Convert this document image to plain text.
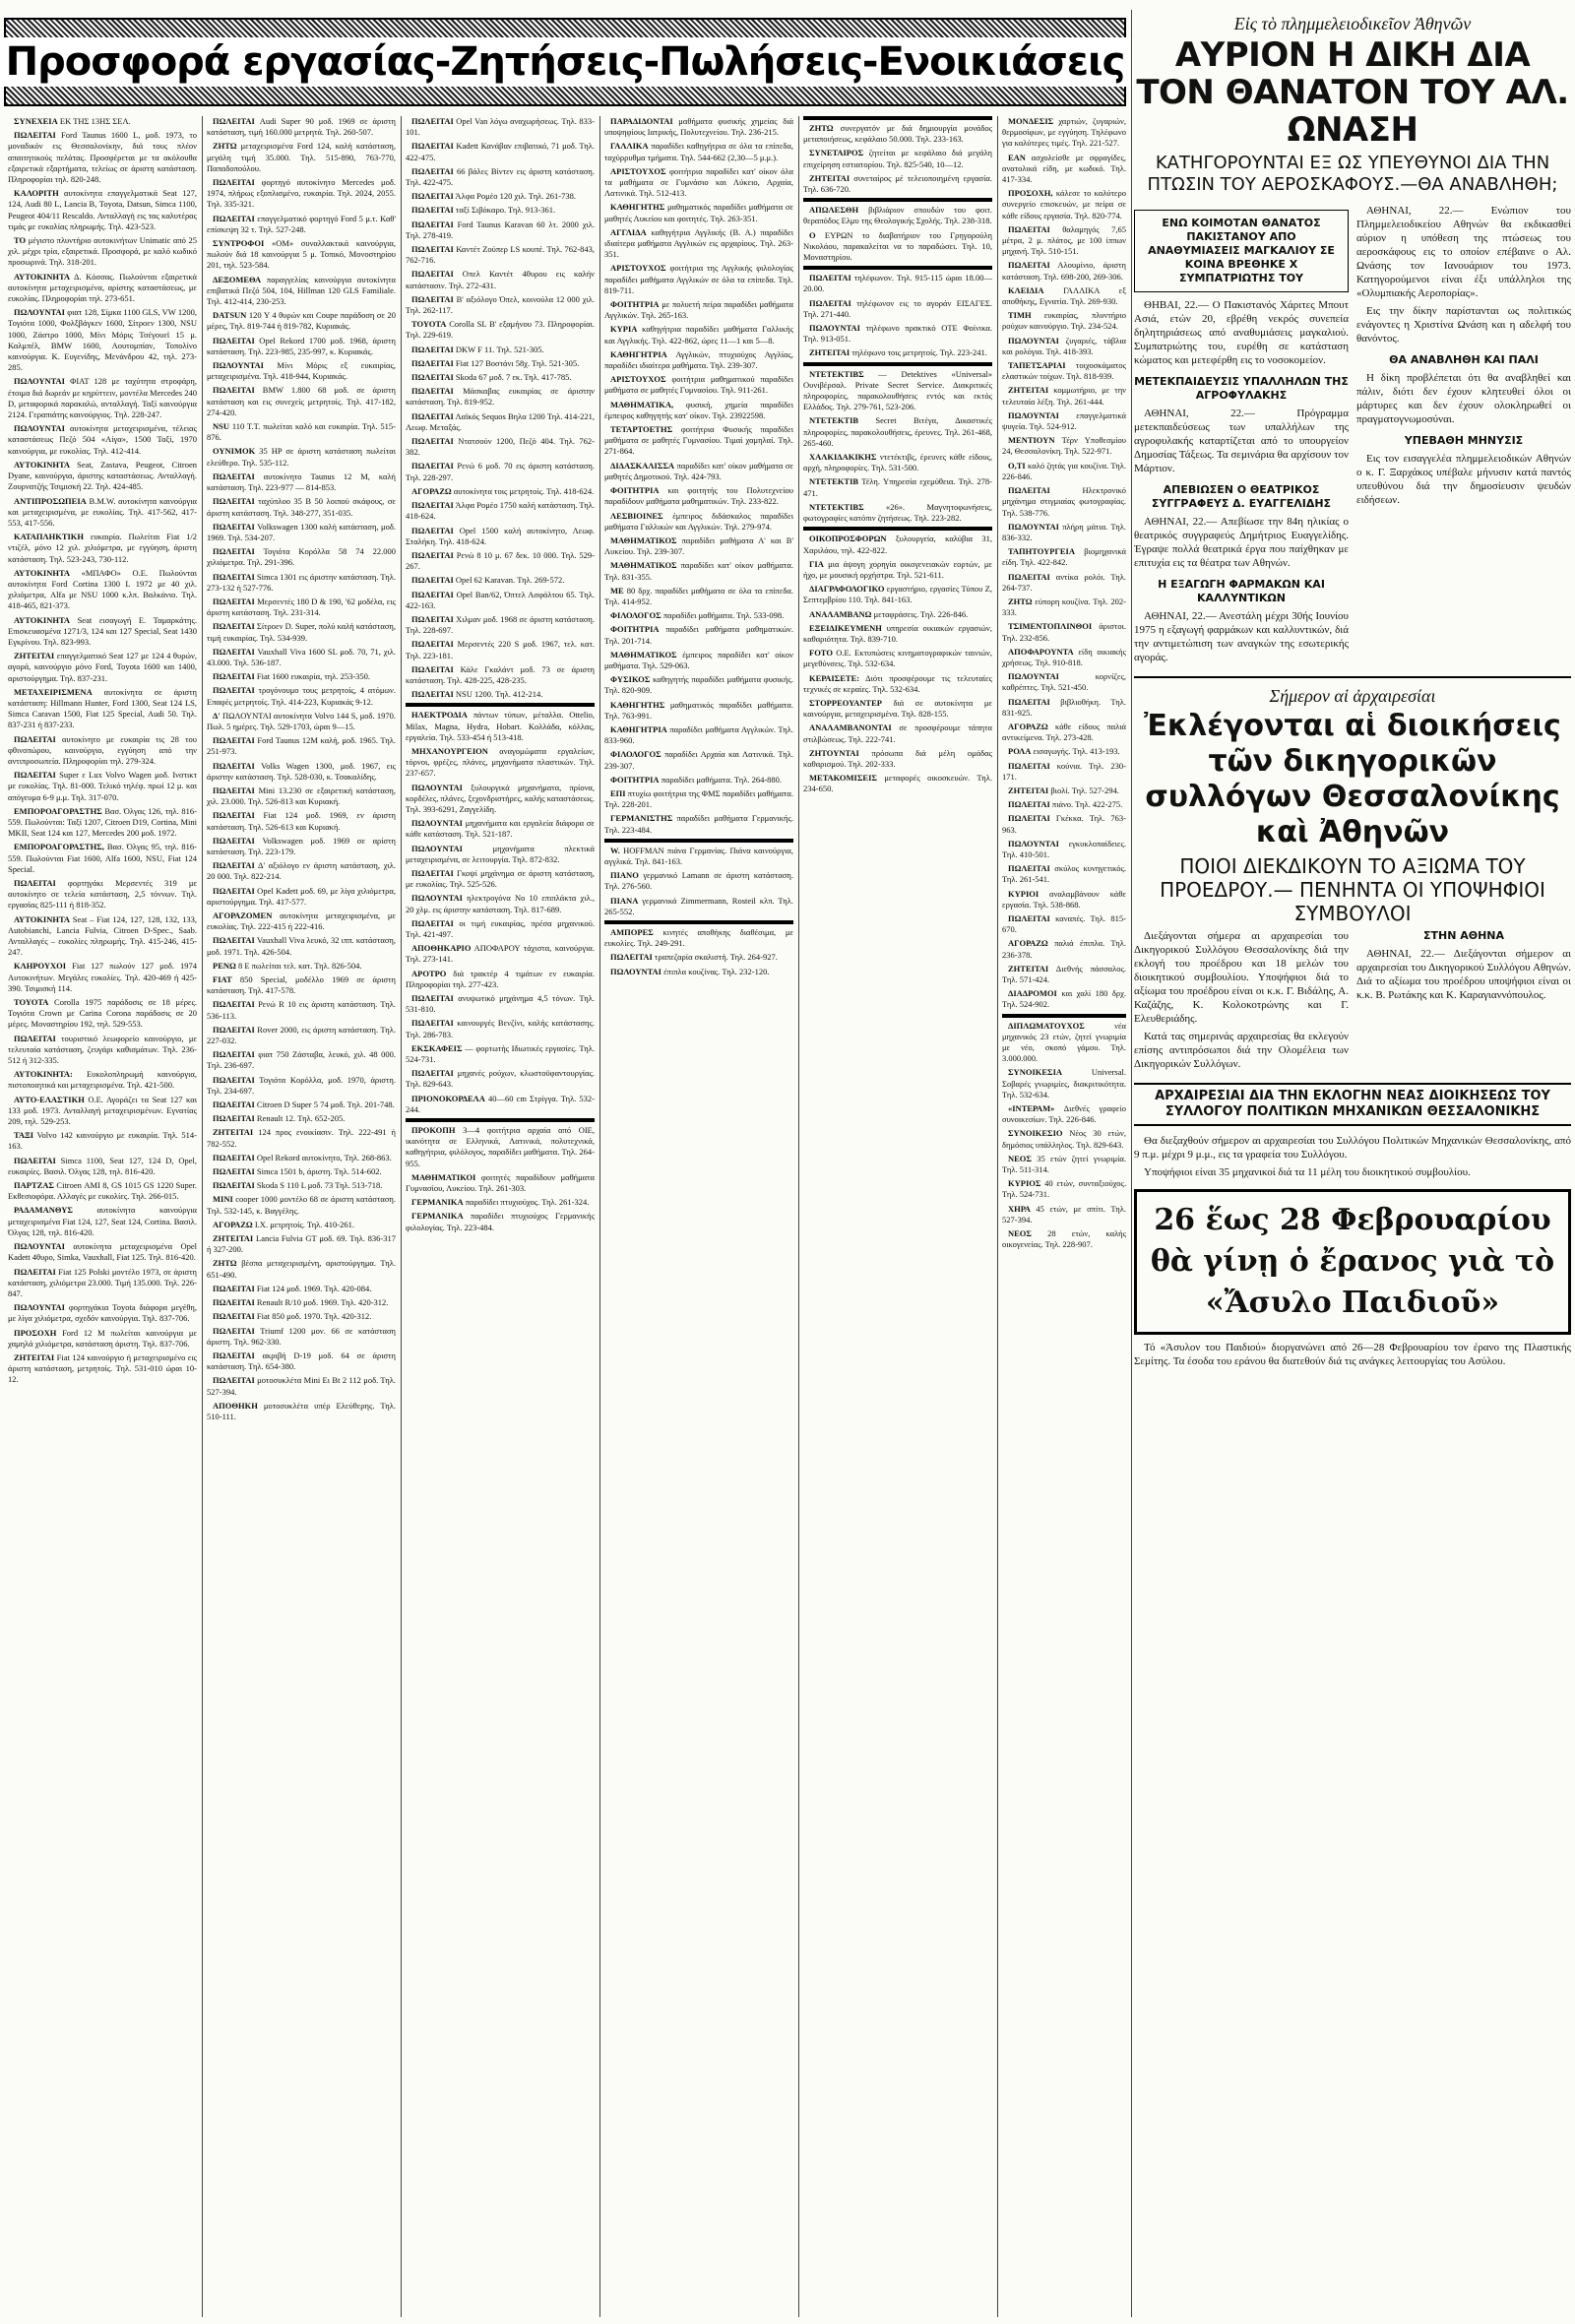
Προσφορά εργασίας-Ζητήσεις-Πωλήσεις-Ενοικιάσεις

ΣΥΝΕΧΕΙΑ ΕΚ ΤΗΣ 13ΗΣ ΣΕΛ.

ΠΩΛΕΙΤΑΙ Ford Taunus 1600 L, μοδ. 1973, το μοναδικόν εις Θεσσαλονίκην, διά τους πλέον απαιτητικούς πελάτας. Προσφέρεται με τα ακόλουθα εξαιρετικά εξαρτήματα, τελείως σε άριστη κατάσταση. Πληροφορίαι τηλ. 820-248.

ΚΑΛΟΡΙΤΗ αυτοκίνητα επαγγελματικά Seat 127, 124, Audi 80 L, Lancia Β, Toyota, Datsun, Simca 1100, Peugeot 404/11 Rescaldo. Ανταλλαγή εις τας καλυτέρας τιμάς με ευκολίας πληρωμής. Τηλ. 423-523.

ΤΟ μέγιστο πλυντήριο αυτοκινήτων Unimatic από 25 χιλ. μέχρι τρία, εξαιρετικά. Προσφορά, με καλό κωδικό προσωρινά. Τηλ. 318-201.

ΑΥΤΟΚΙΝΗΤΑ Δ. Κόσσας. Πωλούνται εξαιρετικά αυτοκίνητα μεταχειρισμένα, αρίστης καταστάσεως, με ευκολίας. Πληροφορίαι τηλ. 273-651.

ΠΩΛΟΥΝΤΑΙ φιατ 128, Σίμκα 1100 GLS, VW 1200, Τογιότα 1000, Φολξβάγκεν 1600, Σίτροεν 1300, NSU 1000, Ζάστρο 1000, Μίνι Μόρις Τσέγουεϊ 15 μ. Καλμπέλ, BMW 1600, Αουτομπίαν, Τοπολίνο καινούργια. Κ. Ευγενίδης, Μενάνδρου 42, τηλ. 273-285.

ΠΩΛΟΥΝΤΑΙ ΦΙΑΤ 128 με ταχύτητα στροφάρη, έτοιμα διά δωρεάν με κηρύττειν, μοντέλα Mercedes 240 D, μεταφορικά παρακαλώ, ανταλλαγή. Ταξί καινούργια 2124. Γεραπιάτης καινούργιος. Τηλ. 228-247.

ΠΩΛΟΥΝΤΑΙ αυτοκίνητα μεταχειρισμένα, τέλειας καταστάσεως Πεζό 504 «Αίγα», 1500 Ταξί, 1970 καινούργια, με ευκολίας. Τηλ. 412-414.

ΑΥΤΟΚΙΝΗΤΑ Seat, Zastava, Peugeot, Citroen Dyane, καινούργια, άριστης καταστάσεως. Ανταλλαγή. Ζουρνατζής Τσιμισκή 22. Τηλ. 424-485.

ΑΝΤΙΠΡΟΣΩΠΕΙΑ B.M.W. αυτοκίνητα καινούργια και μεταχειρισμένα, με ευκολίας. Τηλ. 417-562, 417-553, 417-556.

ΚΑΤΑΠΛΗΚΤΙΚΗ ευκαιρία. Πωλείται Fiat 1/2 ντιζέλ, μόνο 12 χιλ. χιλιόμετρα, με εγγύηση, άριστη κατάσταση. Τηλ. 523-243, 730-112.

ΑΥΤΟΚΙΝΗΤΑ «ΜΠΑΦΟ» Ο.Ε. Πωλούνται αυτοκίνητα Ford Cortina 1300 L 1972 με 40 χιλ. χιλιόμετρα, Alfa με NSU 1000 κ.λπ. Βαλκάνιο. Τηλ. 418-465, 821-373.

ΑΥΤΟΚΙΝΗΤΑ Seat εισαγωγή Ε. Ταμαρκάτης. Επισκευασμένα 1271/3, 124 και 127 Special, Seat 1430 Εγκρίνου. Τηλ. 823-993.

ΖΗΤΕΙΤΑΙ επαγγελματικό Seat 127 με 124 4 θυρών, αγορά, καινούργιο μόνο Ford, Toyota 1600 και 1400, αριστούργημα. Τηλ. 837-231.

ΜΕΤΑΧΕΙΡΙΣΜΕΝΑ αυτοκίνητα σε άριστη κατάσταση: Hillmann Hunter, Ford 1300, Seat 124 LS, Simca Caravan 1500, Fiat 125 Special, Audi 50. Τηλ. 837-231 ή 837-233.

ΠΩΛΕΙΤΑΙ αυτοκίνητο με ευκαιρία τις 28 του φθινοπώρου, καινούργιο, εγγύηση από την αντιπροσωπεία. Πληροφορίαι τηλ. 279-324.

ΠΩΛΕΙΤΑΙ Super ε Lux Volvo Wagen μοδ. Ινστικτ με ευκολίας. Τηλ. 81-000. Τελικό τηλέφ. πρωί 12 μ. και απόγευμα 6-9 μ.μ. Τηλ. 317-070.

ΕΜΠΟΡΟΑΓΟΡΑΣΤΗΣ Βασ. Όλγας 126, τηλ. 816-559. Πωλούνται: Ταξί 1207, Citroen D19, Cortina, Mini ΜΚΙΙ, Seat 124 και 127, Mercedes 200 μοδ. 1972.

ΕΜΠΟΡΟΑΓΟΡΑΣΤΗΣ, Βασ. Όλγας 95, τηλ. 816-559. Πωλούνται Fiat 1600, Alfa 1600, NSU, Fiat 124 Special.

ΠΩΛΕΙΤΑΙ φορτηγάκι Μερσεντές 319 με αυτοκίνητο σε τελεία κατάσταση, 2,5 τόννων. Τηλ. εργασίας 825-111 ή 818-352.

ΑΥΤΟΚΙΝΗΤΑ Seat – Fiat 124, 127, 128, 132, 133, Autobianchi, Lancia Fulvia, Citroen D-Spec., Saab. Ανταλλαγές – ευκολίες πληρωμής. Τηλ. 415-246, 415-247.

ΚΛΗΡΟΥΧΟΙ Fiat 127 πωλούν 127 μοδ. 1974 Αυτοκινήτων. Μεγάλες ευκολίες. Τηλ. 420-469 ή 425-390. Τσιμισκή 114.

ΤΟΥΟΤΑ Corolla 1975 παράδοσις σε 18 μέρες. Τογιότα Crown με Carina Corona παράδοσις σε 20 μέρες. Μοναστηρίου 192, τηλ. 529-553.

ΠΩΛΕΙΤΑΙ τουριστικό λεωφορείο καινούργιο, με τελευταία κατάσταση, ζευγάρι καθισμάτων. Τηλ. 236-512 ή 312-335.

ΑΥΤΟΚΙΝΗΤΑ: Ευκολοπληρωμή καινούργια, πιστοποιητικά και μεταχειρισμένα. Τηλ. 421-500.

ΑΥΤΟ-ΕΛΑΣΤΙΚΗ Ο.Ε. Αγοράζει τα Seat 127 και 133 μοδ. 1973. Ανταλλαγή μεταχειρισμένων. Εγνατίας 209, τηλ. 529-253.

ΤΑΞΙ Volvo 142 καινούργιο με ευκαιρία. Τηλ. 514-163.

ΠΩΛΕΙΤΑΙ Simca 1100, Seat 127, 124 D, Opel, ευκαιρίες. Βασιλ. Όλγας 128, τηλ. 816-420.

ΠΑΡΤΖΑΣ Citroen ΑΜΙ 8, GS 1015 GS 1220 Super. Εκθεσιοφόρα. Αλλαγές με ευκολίες. Τηλ. 266-015.

ΡΑΔΑΜΑΝΘΥΣ αυτοκίνητα καινούργια μεταχειρισμένα Fiat 124, 127, Seat 124, Cortina. Βασιλ. Όλγας 128, τηλ. 816-420.

ΠΩΛΟΥΝΤΑΙ αυτοκίνητα μεταχειρισμένα Opel Kadett 4θυρο, Simka, Vauxhall, Fiat 125. Τηλ. 816-420.

ΠΩΛΕΙΤΑΙ Fiat 125 Polski μοντέλο 1973, σε άριστη κατάσταση, χιλιόμετρα 23.000. Τιμή 135.000. Τηλ. 226-847.

ΠΩΛΟΥΝΤΑΙ φορτηγάκια Toyota διάφορα μεγέθη, με λίγα χιλιόμετρα, σχεδόν καινούργια. Τηλ. 837-706.

ΠΡΟΣΟΧΗ Ford 12 Μ πωλείται καινούργια με χαμηλά χιλιόμετρα, κατάσταση άριστη. Τηλ. 837-706.

ΖΗΤΕΙΤΑΙ Fiat 124 καινούργιο ή μεταχειρισμένο εις άριστη κατάσταση, μετρητοίς. Τηλ. 531-010 ώραι 10-12.

ΠΩΛΕΙΤΑΙ Audi Super 90 μοδ. 1969 σε άριστη κατάσταση, τιμή 160.000 μετρητά. Τηλ. 260-507.

ΖΗΤΩ μεταχειρισμένα Ford 124, καλή κατάσταση, μεγάλη τιμή 35.000. Τηλ. 515-890, 763-770, Παπαδοπούλου.

ΠΩΛΕΙΤΑΙ φορτηγό αυτοκίνητο Mercedes μοδ. 1974, πλήρως εξοπλισμένο, ευκαιρία. Τηλ. 2024, 2055. Τηλ. 335-321.

ΠΩΛΕΙΤΑΙ επαγγελματικό φορτηγό Ford 5 μ.τ. Καθ' επίσκεψη 32 τ. Τηλ. 527-248.

ΣΥΝΤΡΟΦΟΙ «ΟΜ» συναλλακτικά καινούργια, πωλούν διά 18 καινούργια 5 μ. Τοπικό, Μονοστηρίου 201, τηλ. 523-584.

ΔΕΞΟΜΕΘΑ παραγγελίας καινούργια αυτοκίνητα επιβατικά Πεζό 504, 104, Hillman 120 GLS Familiale. Τηλ. 412-414, 230-253.

DATSUN 120 Υ 4 θυρών και Coupe παράδοση σε 20 μέρες, Τηλ. 819-744 ή 819-782, Κυριακάς.

ΠΩΛΕΙΤΑΙ Opel Rekord 1700 μοδ. 1968, άριστη κατάσταση. Τηλ. 223-985, 235-997, κ. Κυριακάς.

ΠΩΛΟΥΝΤΑΙ Μίνι Μόρις εξ ευκαιρίας, μεταχειρισμένα. Τηλ. 418-944, Κυριακάς.

ΠΩΛΕΙΤΑΙ BMW 1.800 68 μοδ. σε άριστη κατάσταση και εις συνεχείς μετρητοίς. Τηλ. 417-182, 274-420.

NSU 110 T.T. πωλείται καλό και ευκαιρία. Τηλ. 515-876.

ΟΥΝΙΜΟΚ 35 HP σε άριστη κατάσταση πωλείται ελεύθερο. Τηλ. 535-112.

ΠΩΛΕΙΤΑΙ αυτοκίνητο Taunus 12 M, καλή κατάσταση. Τηλ. 223-977 — 814-853.

ΠΩΛΕΙΤΑΙ ταχύπλοο 35 Β 50 λοιπού σκάφους, σε άριστη κατάσταση. Τηλ. 348-277, 351-035.

ΠΩΛΕΙΤΑΙ Volkswagen 1300 καλή κατάσταση, μοδ. 1969. Τηλ. 534-207.

ΠΩΛΕΙΤΑΙ Τογιότα Κορόλλα 58 74 22.000 χιλιόμετρα. Τηλ. 291-396.

ΠΩΛΕΙΤΑΙ Simca 1301 εις άριστην κατάσταση. Τηλ. 273-132 ή 527-776.

ΠΩΛΕΙΤΑΙ Μερσεντές 180 D & 190, '62 μοδέλα, εις άριστη κατάσταση. Τηλ. 231-314.

ΠΩΛΕΙΤΑΙ Σίτροεν D. Super, πολύ καλή κατάσταση, τιμή ευκαιρίας. Τηλ. 534-939.

ΠΩΛΕΙΤΑΙ Vauxhall Viva 1600 SL μοδ. 70, 71, χιλ. 43.000. Τηλ. 536-187.

ΠΩΛΕΙΤΑΙ Fiat 1600 ευκαιρία, τηλ. 253-350.

ΠΩΛΕΙΤΑΙ τρογόνουμο τους μετρητοίς, 4 ατόμων. Επαφές μετρητοίς. Τηλ. 414-223, Κυριακάς 9-12.

Δ' ΠΩΛΟΥΝΤΑΙ αυτοκίνητα Volvo 144 S, μοδ. 1970. Πωλ. 5 ημέρες. Τηλ. 529-1703, ώραι 9—15.

ΠΩΛΕΙΤΑΙ Ford Taunus 12M καλή, μοδ. 1965. Τηλ. 251-973.

ΠΩΛΕΙΤΑΙ Volks Wagen 1300, μοδ. 1967, εις άριστην κατάσταση. Τηλ. 528-030, κ. Τσακαλίδης.

ΠΩΛΕΙΤΑΙ Mini 13.230 σε εξαιρετική κατάσταση, χιλ. 23.000. Τηλ. 526-813 και Κυριακή.

ΠΩΛΕΙΤΑΙ Fiat 124 μοδ. 1969, εν άριστη κατάσταση. Τηλ. 526-613 και Κυριακή.

ΠΩΛΕΙΤΑΙ Volkswagen μοδ. 1969 σε αρίστη κατάσταση. Τηλ. 223-179.

ΠΩΛΕΙΤΑΙ Δ' αξιόλογο εν άριστη κατάσταση, χιλ. 20 000. Τηλ. 822-214.

ΠΩΛΕΙΤΑΙ Opel Kadett μοδ. 69, με λίγα χιλιόμετρα, αριστούργημα. Τηλ. 417-577.

ΑΓΟΡΑΖΟΜΕΝ αυτοκίνητα μεταχειρισμένα, με ευκολίας. Τηλ. 222-415 ή 222-416.

ΠΩΛΕΙΤΑΙ Vauxhall Viva λευκό, 32 ιππ. κατάσταση, μοδ. 1971. Τηλ. 426-504.

ΡΕΝΩ 8 Ε πωλείται τελ. κατ. Τηλ. 826-504.

FIAT 850 Special, μοδέλλο 1969 σε άριστη κατάσταση. Τηλ. 417-578.

ΠΩΛΕΙΤΑΙ Ρενώ R 10 εις άριστη κατάσταση. Τηλ. 536-113.

ΠΩΛΕΙΤΑΙ Rover 2000, εις άριστη κατάσταση. Τηλ. 227-032.

ΠΩΛΕΙΤΑΙ φιατ 750 Ζάσταβα, λευκό, χιλ. 48 000. Τηλ. 236-697.

ΠΩΛΕΙΤΑΙ Τογιότα Κορόλλα, μοδ. 1970, άριστη. Τηλ. 234-697.

ΠΩΛΕΙΤΑΙ Citroen D Super 5 74 μοδ. Τηλ. 201-748.

ΠΩΛΕΙΤΑΙ Renault 12. Τηλ. 652-205.

ΖΗΤΕΙΤΑΙ 124 προς ενοικίασιν. Τηλ. 222-491 ή 782-552.

ΠΩΛΕΙΤΑΙ Opel Rekord αυτοκίνητο, Τηλ. 268-863.

ΠΩΛΕΙΤΑΙ Simca 1501 b, άριστη. Τηλ. 514-602.

ΠΩΛΕΙΤΑΙ Skoda S 110 L μοδ. 73 Τηλ. 513-718.

ΜΙΝΙ cooper 1000 μοντέλο 68 σε άριστη κατάσταση. Τηλ. 532-145, κ. Βαγγέλης.

ΑΓΟΡΑΖΩ Ι.Χ. μετρητοίς. Τηλ. 410-261.

ΖΗΤΕΙΤΑΙ Lancia Fulvia GT μοδ. 69. Τηλ. 836-317 ή 327-200.

ΖΗΤΩ βέσπα μεταχειρισμένη, αριστούργημα. Τηλ. 651-490.

ΠΩΛΕΙΤΑΙ Fiat 124 μοδ. 1969. Τηλ. 420-084.

ΠΩΛΕΙΤΑΙ Renault R/10 μοδ. 1969. Τηλ. 420-312.

ΠΩΛΕΙΤΑΙ Fiat 850 μοδ. 1970. Τηλ. 420-312.

ΠΩΛΕΙΤΑΙ Triumf 1200 μον. 66 σε κατάσταση άριστη. Τηλ. 962-330.

ΠΩΛΕΙΤΑΙ ακριβή D-19 μοδ. 64 σε άριστη κατάσταση. Τηλ. 654-380.

ΠΩΛΕΙΤΑΙ μοτοσυκλέτα Mini Ει Bt 2 112 μοδ. Τηλ. 527-394.

ΑΠΟΘΗΚΗ μοτοσυκλέτα υπέρ Ελεύθερης. Τηλ. 510-111.

ΠΩΛΕΙΤΑΙ Opel Van λόγω αναχωρήσεως. Τηλ. 833-101.

ΠΩΛΕΙΤΑΙ Kadett Κανάβαν επιβατικό, 71 μοδ. Τηλ. 422-475.

ΠΩΛΕΙΤΑΙ 66 βάλες Βίντεν εις άριστη κατάσταση. Τηλ. 422-475.

ΠΩΛΕΙΤΑΙ Άλφα Ρομέο 120 χιλ. Τηλ. 261-738.

ΠΩΛΕΙΤΑΙ ταξί Σιβόκαρο. Τηλ. 913-361.

ΠΩΛΕΙΤΑΙ Ford Taunus Karavan 60 λτ. 2000 χιλ. Τηλ. 278-419.

ΠΩΛΕΙΤΑΙ Καντέτ Ζούπερ LS κουπέ. Τηλ. 762-843, 762-716.

ΠΩΛΕΙΤΑΙ Οπελ Καντέτ 4θυρου εις καλήν κατάστασιν. Τηλ. 272-431.

ΠΩΛΕΙΤΑΙ Β' αξιόλογο Όπελ, κοινούλα 12 000 χιλ. Τηλ. 262-117.

ΤΟΥΟΤΑ Corolla SL Β' εξαμήνου 73. Πληροφορίαι. Τηλ. 229-619.

ΠΩΛΕΙΤΑΙ DKW F 11. Τηλ. 521-305.

ΠΩΛΕΙΤΑΙ Fiat 127 Βοστάνι 58χ. Τηλ. 521-305.

ΠΩΛΕΙΤΑΙ Skoda 67 μοδ. 7 εκ. Τηλ. 417-785.

ΠΩΛΕΙΤΑΙ Μάσκαβας ευκαιρίας σε άριστην κατάσταση. Τηλ. 819-952.

ΠΩΛΕΙΤΑΙ Λαϊκός Sequos Βηλα 1200 Τηλ. 414-221, Λεωφ. Μεταξάς.

ΠΩΛΕΙΤΑΙ Ντατσούν 1200, Πεζό 404. Τηλ. 762-382.

ΠΩΛΕΙΤΑΙ Ρενώ 6 μοδ. 70 εις άριστη κατάσταση. Τηλ. 228-297.

ΑΓΟΡΑΖΩ αυτοκίνητα τοις μετρητοίς. Τηλ. 418-624.

ΠΩΛΕΙΤΑΙ Άλφα Ρομέο 1750 καλή κατάσταση. Τηλ. 418-624.

ΠΩΛΕΙΤΑΙ Opel 1500 καλή αυτοκίνητο, Λεωφ. Σταλήκη. Τηλ. 418-624.

ΠΩΛΕΙΤΑΙ Ρενώ 8 10 μ. 67 δεκ. 10 000. Τηλ. 529-267.

ΠΩΛΕΙΤΑΙ Opel 62 Karavan. Τηλ. 269-572.

ΠΩΛΕΙΤΑΙ Opel Ban/62, Όπτελ Ασφάλτου 65. Τηλ. 422-163.

ΠΩΛΕΙΤΑΙ Χιλμαν μοδ. 1968 σε άριστη κατάσταση. Τηλ. 228-697.

ΠΩΛΕΙΤΑΙ Μερσεντές 220 S μοδ. 1967, τελ. κατ. Τηλ. 223-181.

ΠΩΛΕΙΤΑΙ Κάλε Γκαλάντ μοδ. 73 σε άριστη κατάσταση. Τηλ. 428-225, 428-235.

ΠΩΛΕΙΤΑΙ NSU 1200. Τηλ. 412-214.

ΗΛΕΚΤΡΟΔΙΑ πάντων τύπων, μέταλλα. Ottelio, Milax, Magna, Hydra, Hobart. Κολλάδα, κόλλας, εργαλεία. Τηλ. 533-454 ή 513-418.

ΜΗΧΑΝΟΥΡΓΕΙΟΝ αναγομώματα εργαλείων, τόρνοι, φρέζες, πλάνες, μηχανήματα πλαστικών. Τηλ. 237-657.

ΠΩΛΟΥΝΤΑΙ ξυλουργικά μηχανήματα, πρίονα, κορδέλες, πλάνες, ξεχονδριστήρες, καλής καταστάσεως. Τηλ. 393-6291, Ζαγγελίδη.

ΠΩΛΟΥΝΤΑΙ μηχανήματα και εργαλεία διάφορα σε κάθε κατάσταση. Τηλ. 521-187.

ΠΩΛΟΥΝΤΑΙ μηχανήματα πλεκτικά μεταχειρισμένα, σε λειτουργία. Τηλ. 872-832.

ΠΩΛΕΙΤΑΙ Γκοψί μηχάνημα σε άριστη κατάσταση, με ευκολίας. Τηλ. 525-526.

ΠΩΛΟΥΝΤΑΙ ηλεκτρογόνα Νο 10 επιπλάκτα χιλ., 20 χλμ. εις άριστην κατάσταση. Τηλ. 817-689.

ΠΩΛΕΙΤΑΙ οι τιμή ευκαιρίας, πρέσα μηχανικού. Τηλ. 421-497.

ΑΠΟΘΗΚΑΡΙΟ ΑΠΟΦΑΡΟΥ τάχιστα, καινούργια. Τηλ. 273-141.

ΑΡΟΤΡΟ διά τρακτέρ 4 τιμάτων εν ευκαιρία. Πληροφορίαι τηλ. 277-423.

ΠΩΛΕΙΤΑΙ ανυψωτικό μηχάνημα 4,5 τόνων. Τηλ. 531-810.

ΠΩΛΕΙΤΑΙ καινουργές Βενζίνι, καλής κατάστασης. Τηλ. 286-783.

ΕΚΣΚΑΦΕΙΣ — φορτωτής Ιδιωτικές εργασίες. Τηλ. 524-731.

ΠΩΛΕΙΤΑΙ μηχανές ρούχων, κλωστοϋφαντουργίας. Τηλ. 829-643.

ΠΡΙΟΝΟΚΟΡΔΕΛΑ 40—60 cm Στρίγγα. Τηλ. 532-244.

ΠΡΟΚΟΠΗ 3—4 φοιτήτρια αρχαία από ΟΙΕ, ικανότητα σε Ελληνικά, Λατινικά, πολυτεχνικά, καθηγήτρια, φιλόλογος, παραδίδει μαθήματα. Τηλ. 264-955.

ΜΑΘΗΜΑΤΙΚΟΙ φοιτητές παραδίδουν μαθήματα Γυμνασίου, Λυκείου. Τηλ. 261-303.

ΓΕΡΜΑΝΙΚΑ παραδίδει πτυχιούχος. Τηλ. 261-324.

ΓΕΡΜΑΝΙΚΑ παραδίδει πτυχιούχος Γερμανικής φιλολογίας. Τηλ. 223-484.

ΠΑΡΑΔΙΔΟΝΤΑΙ μαθήματα φυσικής χημείας διά υποψηφίους Ιατρικής, Πολυτεχνείου. Τηλ. 236-215.

ΓΑΛΛΙΚΑ παραδίδει καθηγήτρια σε όλα τα επίπεδα, ταχύρρυθμα τμήματα. Τηλ. 544-662 (2,30—5 μ.μ.).

ΑΡΙΣΤΟΥΧΟΣ φοιτήτρια παραδίδει κατ' οίκον όλα τα μαθήματα σε Γυμνάσιο και Λύκειο, Αρχαία, Λατινικά. Τηλ. 512-413.

ΚΑΘΗΓΗΤΗΣ μαθηματικός παραδίδει μαθήματα σε μαθητές Λυκείου και φοιτητές. Τηλ. 263-351.

ΑΓΓΛΙΔΑ καθηγήτρια Αγγλικής (Β. Α.) παραδίδει ιδιαίτερα μαθήματα Αγγλικών εις αρχαρίους. Τηλ. 263-351.

ΑΡΙΣΤΟΥΧΟΣ φοιτήτρια της Αγγλικής φιλολογίας παραδίδει μαθήματα Αγγλικών σε όλα τα επίπεδα. Τηλ. 819-711.

ΦΟΙΤΗΤΡΙΑ με πολυετή πείρα παραδίδει μαθήματα Αγγλικών. Τηλ. 265-163.

ΚΥΡΙΑ καθηγήτρια παραδίδει μαθήματα Γαλλικής και Αγγλικής. Τηλ. 422-862, ώρες 11—1 και 5—8.

ΚΑΘΗΓΗΤΡΙΑ Αγγλικών, πτυχιούχος Αγγλίας, παραδίδει ιδιαίτερα μαθήματα. Τηλ. 239-307.

ΑΡΙΣΤΟΥΧΟΣ φοιτήτρια μαθηματικού παραδίδει μαθήματα σε μαθητές Γυμνασίου. Τηλ. 911-261.

ΜΑΘΗΜΑΤΙΚΑ, φυσική, χημεία παραδίδει έμπειρος καθηγητής κατ' οίκον. Τηλ. 23922598.

ΤΕΤΑΡΤΟΕΤΗΣ φοιτήτρια Φυσικής παραδίδει μαθήματα σε μαθητές Γυμνασίου. Τιμαί χαμηλαί. Τηλ. 271-864.

ΔΙΔΑΣΚΑΛΙΣΣΑ παραδίδει κατ' οίκον μαθήματα σε μαθητές Δημοτικού. Τηλ. 424-793.

ΦΟΙΤΗΤΡΙΑ και φοιτητής του Πολυτεχνείου παραδίδουν μαθήματα μαθηματικών. Τηλ. 233-822.

ΛΕΣΒΙΟΙΝΕΣ έμπειρος διδάσκαλος παραδίδει μαθήματα Γαλλικών και Αγγλικών. Τηλ. 279-974.

ΜΑΘΗΜΑΤΙΚΟΣ παραδίδει μαθήματα Α' και Β' Λυκείου. Τηλ. 239-307.

ΜΑΘΗΜΑΤΙΚΟΣ παραδίδει κατ' οίκον μαθήματα. Τηλ. 831-355.

ΜΕ 80 δρχ. παραδίδει μαθήματα σε όλα τα επίπεδα. Τηλ. 414-952.

ΦΙΛΟΛΟΓΟΣ παραδίδει μαθήματα. Τηλ. 533-098.

ΦΟΙΤΗΤΡΙΑ παραδίδει μαθήματα μαθηματικών. Τηλ. 201-714.

ΜΑΘΗΜΑΤΙΚΟΣ έμπειρος παραδίδει κατ' οίκον μαθήματα. Τηλ. 529-063.

ΦΥΣΙΚΟΣ καθηγητής παραδίδει μαθήματα φυσικής. Τηλ. 820-909.

ΚΑΘΗΓΗΤΗΣ μαθηματικός παραδίδει μαθήματα. Τηλ. 763-991.

ΚΑΘΗΓΗΤΡΙΑ παραδίδει μαθήματα Αγγλικών. Τηλ. 833-960.

ΦΙΛΟΛΟΓΟΣ παραδίδει Αρχαία και Λατινικά. Τηλ. 239-307.

ΦΟΙΤΗΤΡΙΑ παραδίδει μαθήματα. Τηλ. 264-880.

ΕΠΙ πτυχίω φοιτήτρια της ΦΜΣ παραδίδει μαθήματα. Τηλ. 228-201.

ΓΕΡΜΑΝΙΣΤΗΣ παραδίδει μαθήματα Γερμανικής. Τηλ. 223-484.

W. HOFFMAN πιάνα Γερμανίας. Πιάνα καινούργια, αγγλικά. Τηλ. 841-163.

ΠΙΑΝΟ γερμανικό Lamann σε άριστη κατάσταση. Τηλ. 276-560.

ΠΙΑΝΑ γερμανικά Zimmermann, Rosteil κλπ. Τηλ. 265-552.

ΑΜΠΟΡΕΣ κινητές αποθήκης διαθέσιμα, με ευκολίες. Τηλ. 249-291.

ΠΩΛΕΙΤΑΙ τραπεζαρία σκαλιστή. Τηλ. 264-927.

ΠΩΛΟΥΝΤΑΙ έπιπλα κουζίνας. Τηλ. 232-120.

ΖΗΤΩ συνεργατόν με διά δημιουργία μονάδος μεταποιήσεως, κεφάλαιο 50.000. Τηλ. 233-163.

ΣΥΝΕΤΑΙΡΟΣ ζητείται με κεφάλαιο διά μεγάλη επιχείρηση εστιατορίου. Τηλ. 825-540, 10—12.

ΖΗΤΕΙΤΑΙ συνεταίρος μέ τελειοποιημένη εργασία. Τηλ. 636-720.

ΑΠΩΛΕΣΘΗ βιβλιάριον σπουδών του φοιτ. θεραπόδος Ελμυ της Θεολογικής Σχολής. Τηλ. 238-318.

Ο ΕΥΡΩΝ το διαβατήριον του Γρηγορούλη Νικολάου, παρακαλείται να το παραδώσει. Τηλ. 10, Μοναστηρίου.

ΠΩΛΕΙΤΑΙ τηλέφωνον. Τηλ. 915-115 ώραι 18.00—20.00.

ΠΩΛΕΙΤΑΙ τηλέφωνον εις το αγοράν ΕΙΣΑΓΕΣ. Τηλ. 271-440.

ΠΩΛΟΥΝΤΑΙ τηλέφωνο πρακτικό ΟΤΕ Φοίνικα. Τηλ. 913-051.

ΖΗΤΕΙΤΑΙ τηλέφωνο τοις μετρητοίς. Τηλ. 223-241.

ΝΤΕΤΕΚΤΙΒΣ — Detektives «Universal» Ουνιβέρσαλ. Private Secret Service. Διακριτικές πληροφορίες, παρακολουθήσεις εντός και εκτός Ελλάδος. Τηλ. 279-761, 523-206.

ΝΤΕΤΕΚΤΙΒ Secret Βιτέγα, Δικαστικές πληροφορίες, παρακολουθήσεις, έρευνες. Τηλ. 261-468, 265-460.

ΧΑΛΚΙΔΑΚΙΚΗΣ ντετέκτιβς, έρευνες κάθε είδους, αρχή, πληροφορίες. Τηλ. 531-500.

ΝΤΕΤΕΚΤΙΒ Τέλη. Υπηρεσία εχεμύθεια. Τηλ. 278-471.

ΝΤΕΤΕΚΤΙΒΣ «26». Μαγνητοφωνήσεις, φωτογραφίες κατόπιν ζητήσεως. Τηλ. 223-282.

ΟΙΚΟΠΡΟΣΦΟΡΩΝ ξυλουργεία, καλύβια 31, Χαριλάου, τηλ. 422-822.

ΓΙΑ μια άψογη χορηγία οικογενειακών εορτών, με ήχο, με μουσική ορχήστρα. Τηλ. 521-611.

ΔΙΑΓΡΑΦΟΛΟΓΙΚΟ εργαστήριο, εργασίες Τύπου Ζ, Σεπτεμβρίου 110. Τηλ. 841-163.

ΑΝΑΛΑΜΒΑΝΩ μεταφράσεις. Τηλ. 226-846.

ΕΞΕΙΔΙΚΕΥΜΕΝΗ υπηρεσία οικιακών εργασιών, καθαριότητα. Τηλ. 839-710.

FOTO Ο.Ε. Εκτυπώσεις κινηματογραφικών ταινιών, μεγεθύνσεις. Τηλ. 532-634.

ΚΕΡΑΙΣΕΤΕ: Διότι προσφέρουμε τις τελευταίες τεχνικές σε κεραίες. Τηλ. 532-634.

ΣΤΟΡΡΕΟΥΑΝΤΕΡ διά σε αυτοκίνητα με καινούργια, μεταχειρισμένα. Τηλ. 828-155.

ΑΝΑΛΑΜΒΑΝΟΝΤΑΙ σε προσφέρουμε τάπητα στιλβώσεως. Τηλ. 222-741.

ΖΗΤΟΥΝΤΑΙ πρόσωπα διά μέλη ομάδας καθαρισμού. Τηλ. 202-333.

ΜΕΤΑΚΟΜΙΣΕΙΣ μεταφορές οικοσκευών. Τηλ. 234-650.

ΜΟΝΔΕΣΙΣ χαρτιών, ζυγαριών, θερμοσίφων, με εγγύηση. Τηλέφωνο για καλύτερες τιμές. Τηλ. 221-527.

ΕΑΝ ασχολείσθε με σφραγίδες, ανατολικά είδη, με κωδικό. Τηλ. 417-334.

ΠΡΟΣΟΧΗ, κάλεσε το καλύτερο συνεργείο επισκευών, με πείρα σε κάθε είδους εργασία. Τηλ. 820-774.

ΠΩΛΕΙΤΑΙ θαλαμηγός 7,65 μέτρα, 2 μ. πλάτος, με 100 ίππων μηχανή. Τηλ. 510-151.

ΠΩΛΕΙΤΑΙ Αλουμίνιο, άριστη κατάσταση. Τηλ. 698-200, 269-306.

ΚΛΕΙΔΙΑ ΓΑΛΛΙΚΑ εξ αποθήκης, Εγνατία. Τηλ. 269-930.

ΤΙΜΗ ευκαιρίας, πλυντήριο ρούχων καινούργιο. Τηλ. 234-524.

ΠΩΛΟΥΝΤΑΙ ζυγαριές, τάβλια και ρολόγια. Τηλ. 418-393.

ΤΑΠΕΤΣΑΡΙΑΙ τοιχοσκάματος ελαστικών τοίχων. Τηλ. 818-939.

ΖΗΤΕΙΤΑΙ κομμωτήριο, με την τελευταία λέξη. Τηλ. 261-444.

ΠΩΛΟΥΝΤΑΙ επαγγελματικά ψυγεία. Τηλ. 524-912.

ΜΕΝΤΙΟΥΝ Τέρν Υποθεσμίου 24, Θεσσαλονίκη. Τηλ. 522-971.

Ο,ΤΙ καλό ζητάς για κουζίνα. Τηλ. 226-846.

ΠΩΛΕΙΤΑΙ Ηλεκτρονικό μηχάνημα στιγμιαίας φωτογραφίας. Τηλ. 538-776.

ΠΩΛΟΥΝΤΑΙ πλήρη μάτια. Τηλ. 836-332.

ΤΑΠΗΤΟΥΡΓΕΙΑ βιομηχανικά είδη. Τηλ. 422-842.

ΠΩΛΕΙΤΑΙ αντίκα ρολόι. Τηλ. 264-737.

ΖΗΤΩ εύπορη κουζίνα. Τηλ. 202-333.

ΤΣΙΜΕΝΤΟΠΛΙΝΘΟΙ άριστοι. Τηλ. 232-856.

ΑΠΟΦΑΡΟΥΝΤΑ είδη οικιακής χρήσεως. Τηλ. 910-818.

ΠΩΛΟΥΝΤΑΙ κορνίζες, καθρέπτες. Τηλ. 521-450.

ΠΩΛΕΙΤΑΙ βιβλιοθήκη. Τηλ. 831-925.

ΑΓΟΡΑΖΩ κάθε είδους παλιά αντικείμενα. Τηλ. 273-428.

ΡΟΛΑ εισαγωγής. Τηλ. 413-193.

ΠΩΛΕΙΤΑΙ κούνια. Τηλ. 230-171.

ΖΗΤΕΙΤΑΙ βιολί. Τηλ. 527-294.

ΠΩΛΕΙΤΑΙ πιάνο. Τηλ. 422-275.

ΠΩΛΕΙΤΑΙ Γκέκκα. Τηλ. 763-963.

ΠΩΛΟΥΝΤΑΙ εγκυκλοπαίδειες. Τηλ. 410-501.

ΠΩΛΕΙΤΑΙ σκύλος κυνηγετικός. Τηλ. 261-541.

ΚΥΡΙΟΙ αναλαμβάνουν κάθε εργασία. Τηλ. 538-868.

ΠΩΛΕΙΤΑΙ καναπές. Τηλ. 815-670.

ΑΓΟΡΑΖΩ παλιά έπιπλα. Τηλ. 236-378.

ΖΗΤΕΙΤΑΙ Διεθνής πάσσαλος. Τηλ. 571-424.

ΔΙΑΔΡΟΜΟΙ και χαλί 180 δρχ. Τηλ. 524-902.

ΔΙΠΛΩΜΑΤΟΥΧΟΣ νέα μηχανικός 23 ετών, ζητεί γνωριμία με νέο, σκοπό γάμου. Τηλ. 3.000.000.

ΣΥΝΟΙΚΕΣΙΑ Universal. Σοβαρές γνωριμίες, διακριτικότητα. Τηλ. 532-634.

«ΙΝΤΕΡΑΜ» Διεθνές γραφείο συνοικεσίων. Τηλ. 226-846.

ΣΥΝΟΙΚΕΣΙΟ Νέος 30 ετών, δημόσιος υπάλληλος. Τηλ. 829-643.

ΝΕΟΣ 35 ετών ζητεί γνωριμία. Τηλ. 511-314.

ΚΥΡΙΟΣ 40 ετών, συνταξιούχος. Τηλ. 524-731.

ΧΗΡΑ 45 ετών, με σπίτι. Τηλ. 527-394.

ΝΕΟΣ 28 ετών, καλής οικογενείας. Τηλ. 228-907.

Εἰς τὸ πλημμελειοδικεῖον Ἀθηνῶν
ΑΥΡΙΟΝ Η ΔΙΚΗ ΔΙΑ ΤΟΝ ΘΑΝΑΤΟΝ ΤΟΥ ΑΛ. ΩΝΑΣΗ
ΚΑΤΗΓΟΡΟΥΝΤΑΙ ΕΞ ΩΣ ΥΠΕΥΘΥΝΟΙ ΔΙΑ ΤΗΝ ΠΤΩΣΙΝ ΤΟΥ ΑΕΡΟΣΚΑΦΟΥΣ.—ΘΑ ΑΝΑΒΛΗΘΗ;
ΕΝΩ ΚΟΙΜΟΤΑΝ ΘΑΝΑΤΟΣ ΠΑΚΙΣΤΑΝΟΥ ΑΠΟ ΑΝΑΘΥΜΙΑΣΕΙΣ ΜΑΓΚΑΛΙΟΥ ΣΕ ΚΟΙΝΑ ΒΡΕΘΗΚΕ Χ ΣΥΜΠΑΤΡΙΩΤΗΣ ΤΟΥ

ΘΗΒΑΙ, 22.— Ο Πακιστανός Χάριτες Μπουτ Ασιά, ετών 20, εβρέθη νεκρός συνεπεία δηλητηριάσεως από αναθυμιάσεις μαγκαλιού. Συμπατριώτης του, ευρέθη σε κατάσταση κώματος και μετεφέρθη εις το νοσοκομείον.

ΜΕΤΕΚΠΑΙΔΕΥΣΙΣ ΥΠΑΛΛΗΛΩΝ ΤΗΣ ΑΓΡΟΦΥΛΑΚΗΣ

ΑΘΗΝΑΙ, 22.— Πρόγραμμα μετεκπαιδεύσεως των υπαλλήλων της αγροφυλακής καταρτίζεται από το υπουργείον Δημοσίας Τάξεως. Τα σεμινάρια θα αρχίσουν τον Μάρτιον.

ΑΠΕΒΙΩΣΕΝ Ο ΘΕΑΤΡΙΚΟΣ ΣΥΓΓΡΑΦΕΥΣ Δ. ΕΥΑΓΓΕΛΙΔΗΣ

ΑΘΗΝΑΙ, 22.— Απεβίωσε την 84η ηλικίας ο θεατρικός συγγραφεύς Δημήτριος Ευαγγελίδης. Έγραψε πολλά θεατρικά έργα που παίχθηκαν με επιτυχία εις τα θέατρα των Αθηνών.

Η ΕΞΑΓΩΓΗ ΦΑΡΜΑΚΩΝ ΚΑΙ ΚΑΛΛΥΝΤΙΚΩΝ

ΑΘΗΝΑΙ, 22.— Ανεστάλη μέχρι 30ής Ιουνίου 1975 η εξαγωγή φαρμάκων και καλλυντικών, διά την αντιμετώπιση των αναγκών της εσωτερικής αγοράς.

ΑΘΗΝΑΙ, 22.— Ενώπιον του Πλημμελειοδικείου Αθηνών θα εκδικασθεί αύριον η υπόθεση της πτώσεως του αεροσκάφους εις το οποίον επέβαινε ο Αλ. Ωνάσης τον Ιανουάριον του 1973. Κατηγορούμενοι είναι έξι υπάλληλοι της «Ολυμπιακής Αεροπορίας».

Εις την δίκην παρίστανται ως πολιτικώς ενάγοντες η Χριστίνα Ωνάση και η αδελφή του θανόντος.

ΘΑ ΑΝΑΒΛΗΘΗ ΚΑΙ ΠΑΛΙ

Η δίκη προβλέπεται ότι θα αναβληθεί και πάλιν, διότι δεν έχουν κλητευθεί όλοι οι μάρτυρες και δεν έχουν ολοκληρωθεί οι πραγματογνωμοσύναι.

ΥΠΕΒΑΘΗ ΜΗΝΥΣΙΣ

Εις τον εισαγγελέα πλημμελειοδικών Αθηνών ο κ. Γ. Ξαρχάκος υπέβαλε μήνυσιν κατά παντός υπευθύνου διά την δημοσίευσιν ψευδών ειδήσεων.

Σήμερον αἱ ἀρχαιρεσίαι
Ἐκλέγονται αἱ διοικήσεις τῶν δικηγορικῶν συλλόγων Θεσσαλονίκης καὶ Ἀθηνῶν
ΠΟΙΟΙ ΔΙΕΚΔΙΚΟΥΝ ΤΟ ΑΞΙΩΜΑ ΤΟΥ ΠΡΟΕΔΡΟΥ.— ΠΕΝΗΝΤΑ ΟΙ ΥΠΟΨΗΦΙΟΙ ΣΥΜΒΟΥΛΟΙ

Διεξάγονται σήμερα αι αρχαιρεσίαι του Δικηγορικού Συλλόγου Θεσσαλονίκης διά την εκλογή του προέδρου και 18 μελών του διοικητικού συμβουλίου. Υποψήφιοι διά το αξίωμα του προέδρου είναι οι κ.κ. Γ. Βιδάλης, Α. Καζάζης, Κ. Κολοκοτρώνης και Γ. Ελευθεριάδης.

Κατά τας σημερινάς αρχαιρεσίας θα εκλεγούν επίσης αντιπρόσωποι διά την Ολομέλεια των Δικηγορικών Συλλόγων.

ΣΤΗΝ ΑΘΗΝΑ

ΑΘΗΝΑΙ, 22.— Διεξάγονται σήμερον αι αρχαιρεσίαι του Δικηγορικού Συλλόγου Αθηνών. Διά το αξίωμα του προέδρου υποψήφιοι είναι οι κ.κ. Β. Ρωτάκης και Κ. Καραγιαννόπουλος.

ΑΡΧΑΙΡΕΣΙΑΙ ΔΙΑ ΤΗΝ ΕΚΛΟΓΗΝ ΝΕΑΣ ΔΙΟΙΚΗΣΕΩΣ ΤΟΥ ΣΥΛΛΟΓΟΥ ΠΟΛΙΤΙΚΩΝ ΜΗΧΑΝΙΚΩΝ ΘΕΣΣΑΛΟΝΙΚΗΣ

Θα διεξαχθούν σήμερον αι αρχαιρεσίαι του Συλλόγου Πολιτικών Μηχανικών Θεσσαλονίκης, από 9 π.μ. μέχρι 9 μ.μ., εις τα γραφεία του Συλλόγου.

Υποψήφιοι είναι 35 μηχανικοί διά τα 11 μέλη του διοικητικού συμβουλίου.

26 ἕως 28 Φεβρουαρίου θὰ γίνῃ ὁ ἔρανος γιὰ τὸ «Ἄσυλο Παιδιοῦ»

Τό «Άσυλον του Παιδιού» διοργανώνει από 26—28 Φεβρουαρίου τον έρανο της Πλαστικής Σεμίτης. Τα έσοδα του εράνου θα διατεθούν διά τις ανάγκες λειτουργίας του Ασύλου.
